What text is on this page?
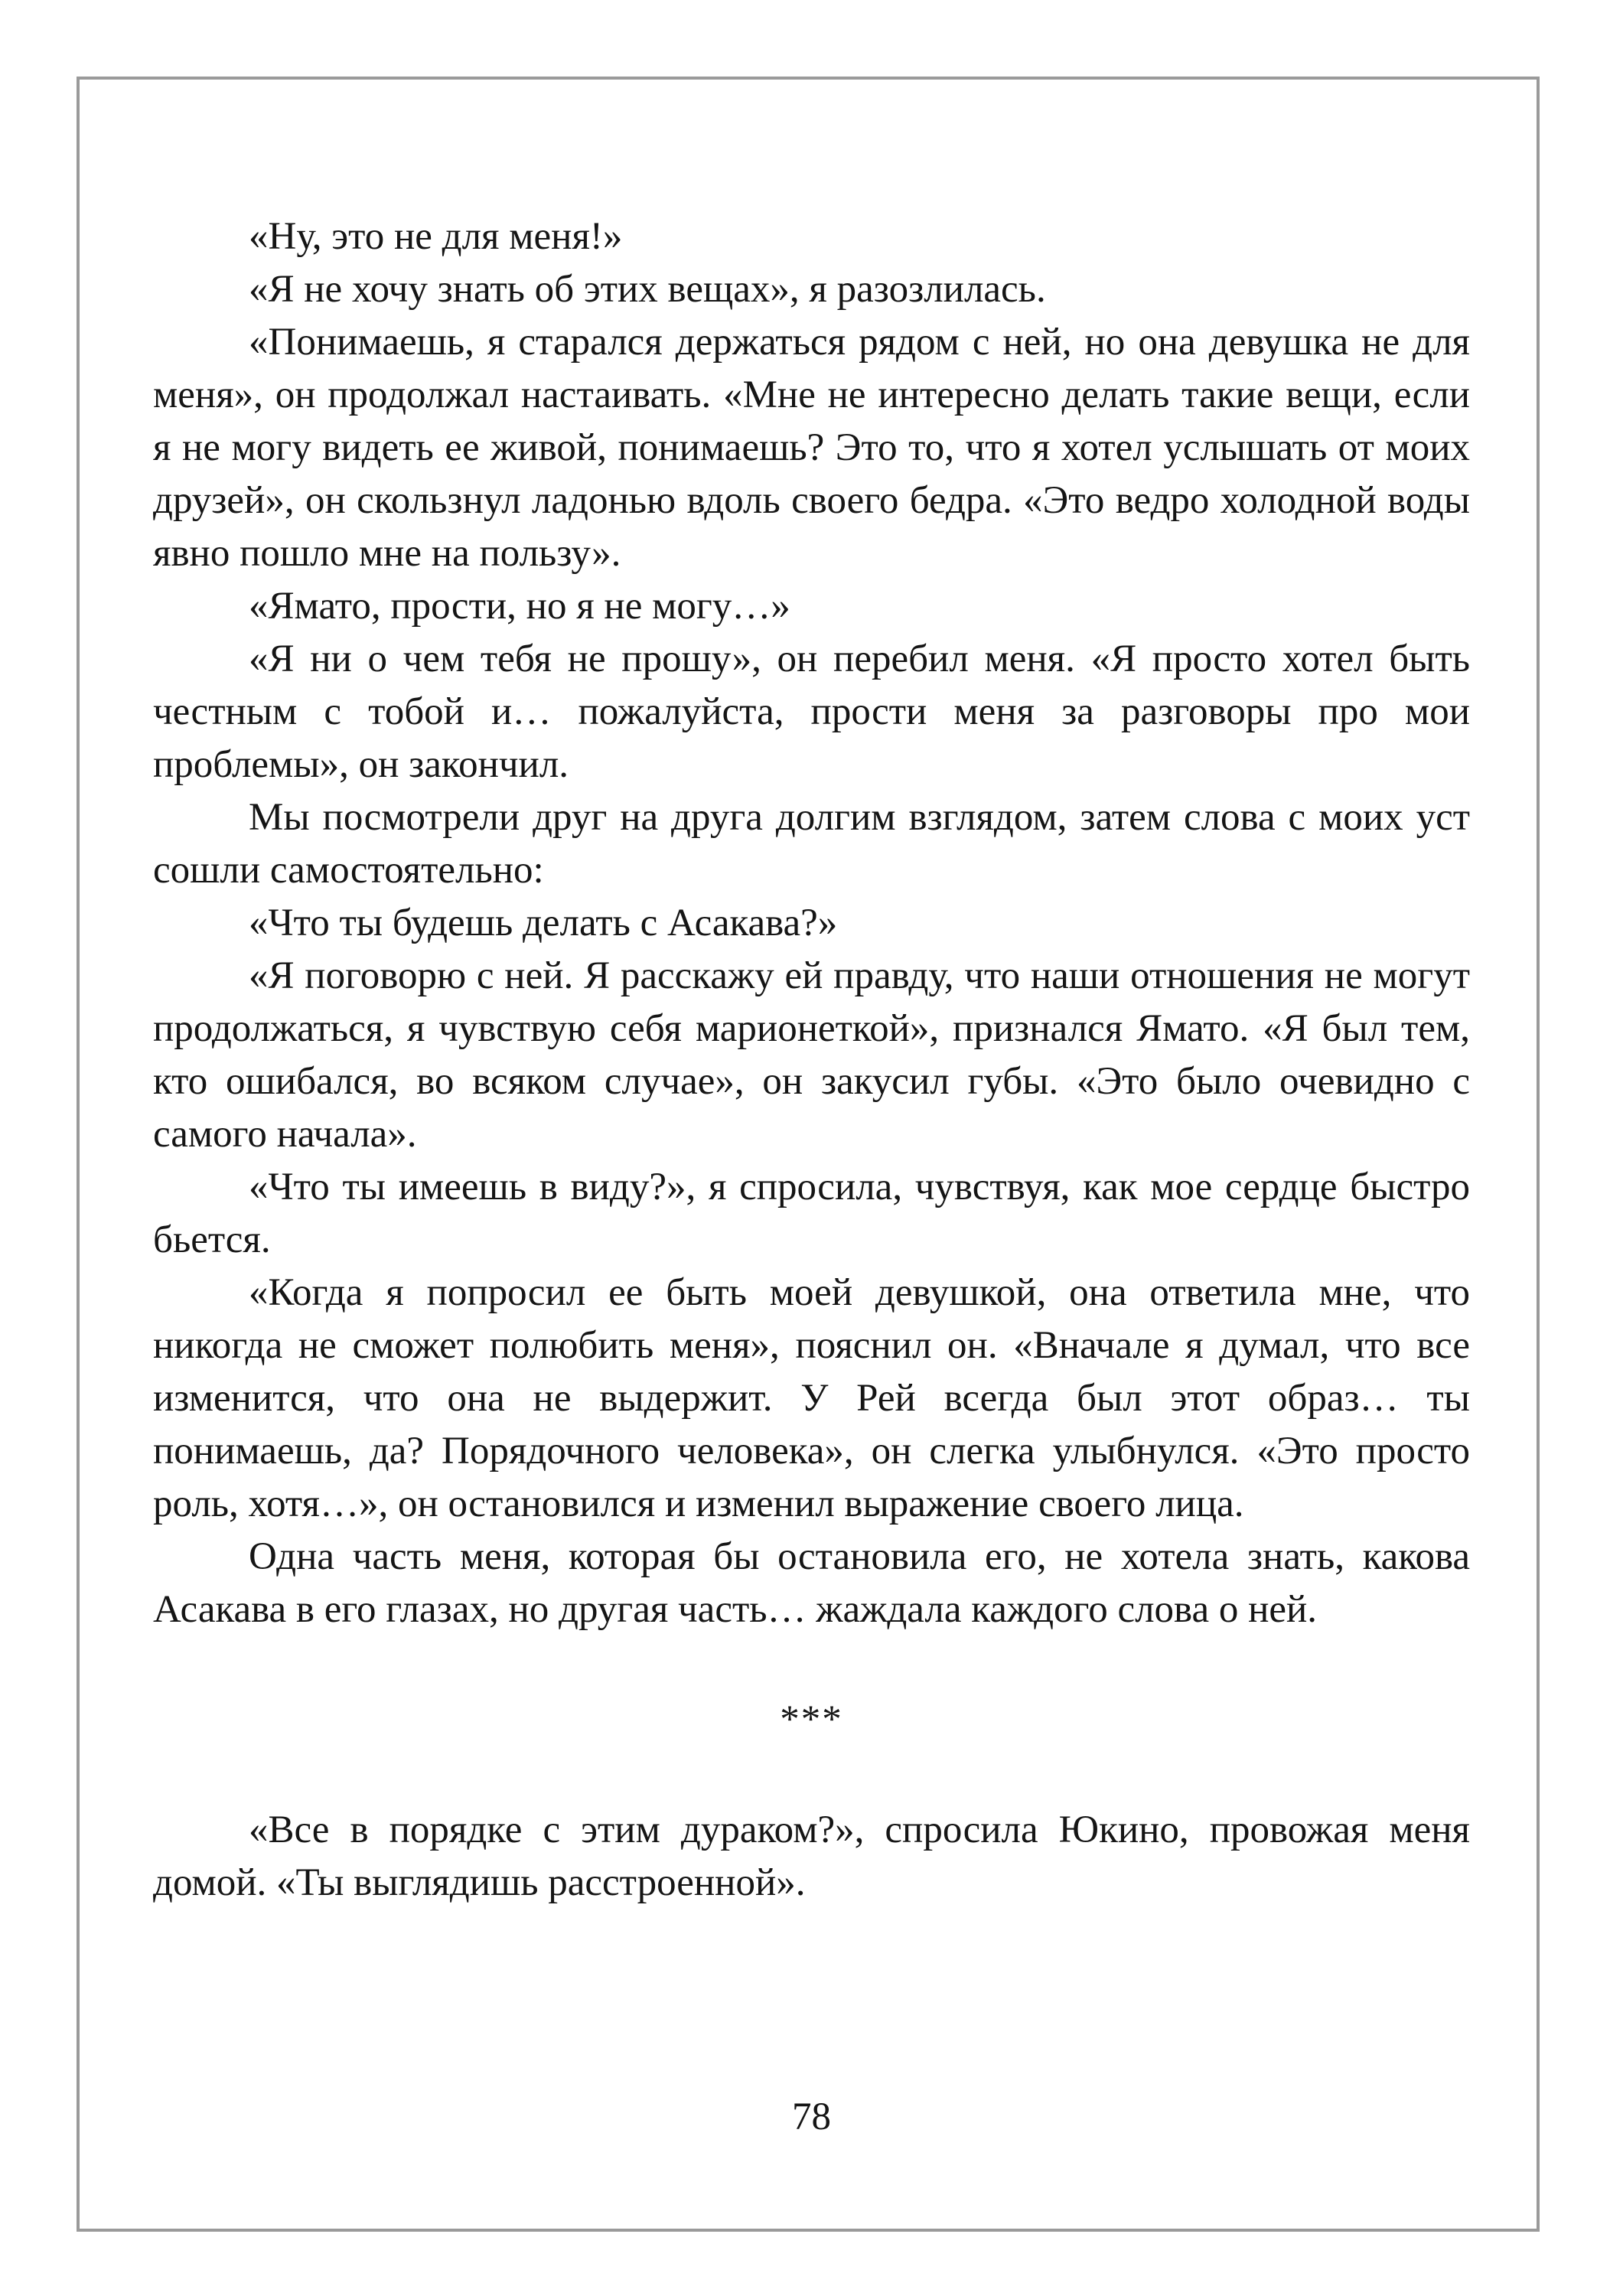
«Ну, это не для меня!»

«Я не хочу знать об этих вещах», я разозлилась.

«Понимаешь, я старался держаться рядом с ней, но она девушка не для меня», он продолжал настаивать. «Мне не интересно делать такие вещи, если я не могу видеть ее живой, понимаешь? Это то, что я хотел услышать от моих друзей», он скользнул ладонью вдоль своего бедра. «Это ведро холодной воды явно пошло мне на пользу».

«Ямато, прости, но я не могу…»

«Я ни о чем тебя не прошу», он перебил меня. «Я просто хотел быть честным с тобой и… пожалуйста, прости меня за разговоры про мои проблемы», он закончил.

Мы посмотрели друг на друга долгим взглядом, затем слова с моих уст сошли самостоятельно:

«Что ты будешь делать с Асакава?»

«Я поговорю с ней. Я расскажу ей правду, что наши отношения не могут продолжаться, я чувствую себя марионеткой», признался Ямато. «Я был тем, кто ошибался, во всяком случае», он закусил губы. «Это было очевидно с самого начала».

«Что ты имеешь в виду?», я спросила, чувствуя, как мое сердце быстро бьется.

«Когда я попросил ее быть моей девушкой, она ответила мне, что никогда не сможет полюбить меня», пояснил он. «Вначале я думал, что все изменится, что она не выдержит. У Рей всегда был этот образ… ты понимаешь, да? Порядочного человека», он слегка улыбнулся. «Это просто роль, хотя…», он остановился и изменил выражение своего лица.

Одна часть меня, которая бы остановила его, не хотела знать, какова Асакава в его глазах, но другая часть… жаждала каждого слова о ней.

***

«Все в порядке с этим дураком?», спросила Юкино, провожая меня домой. «Ты выглядишь расстроенной».

78
